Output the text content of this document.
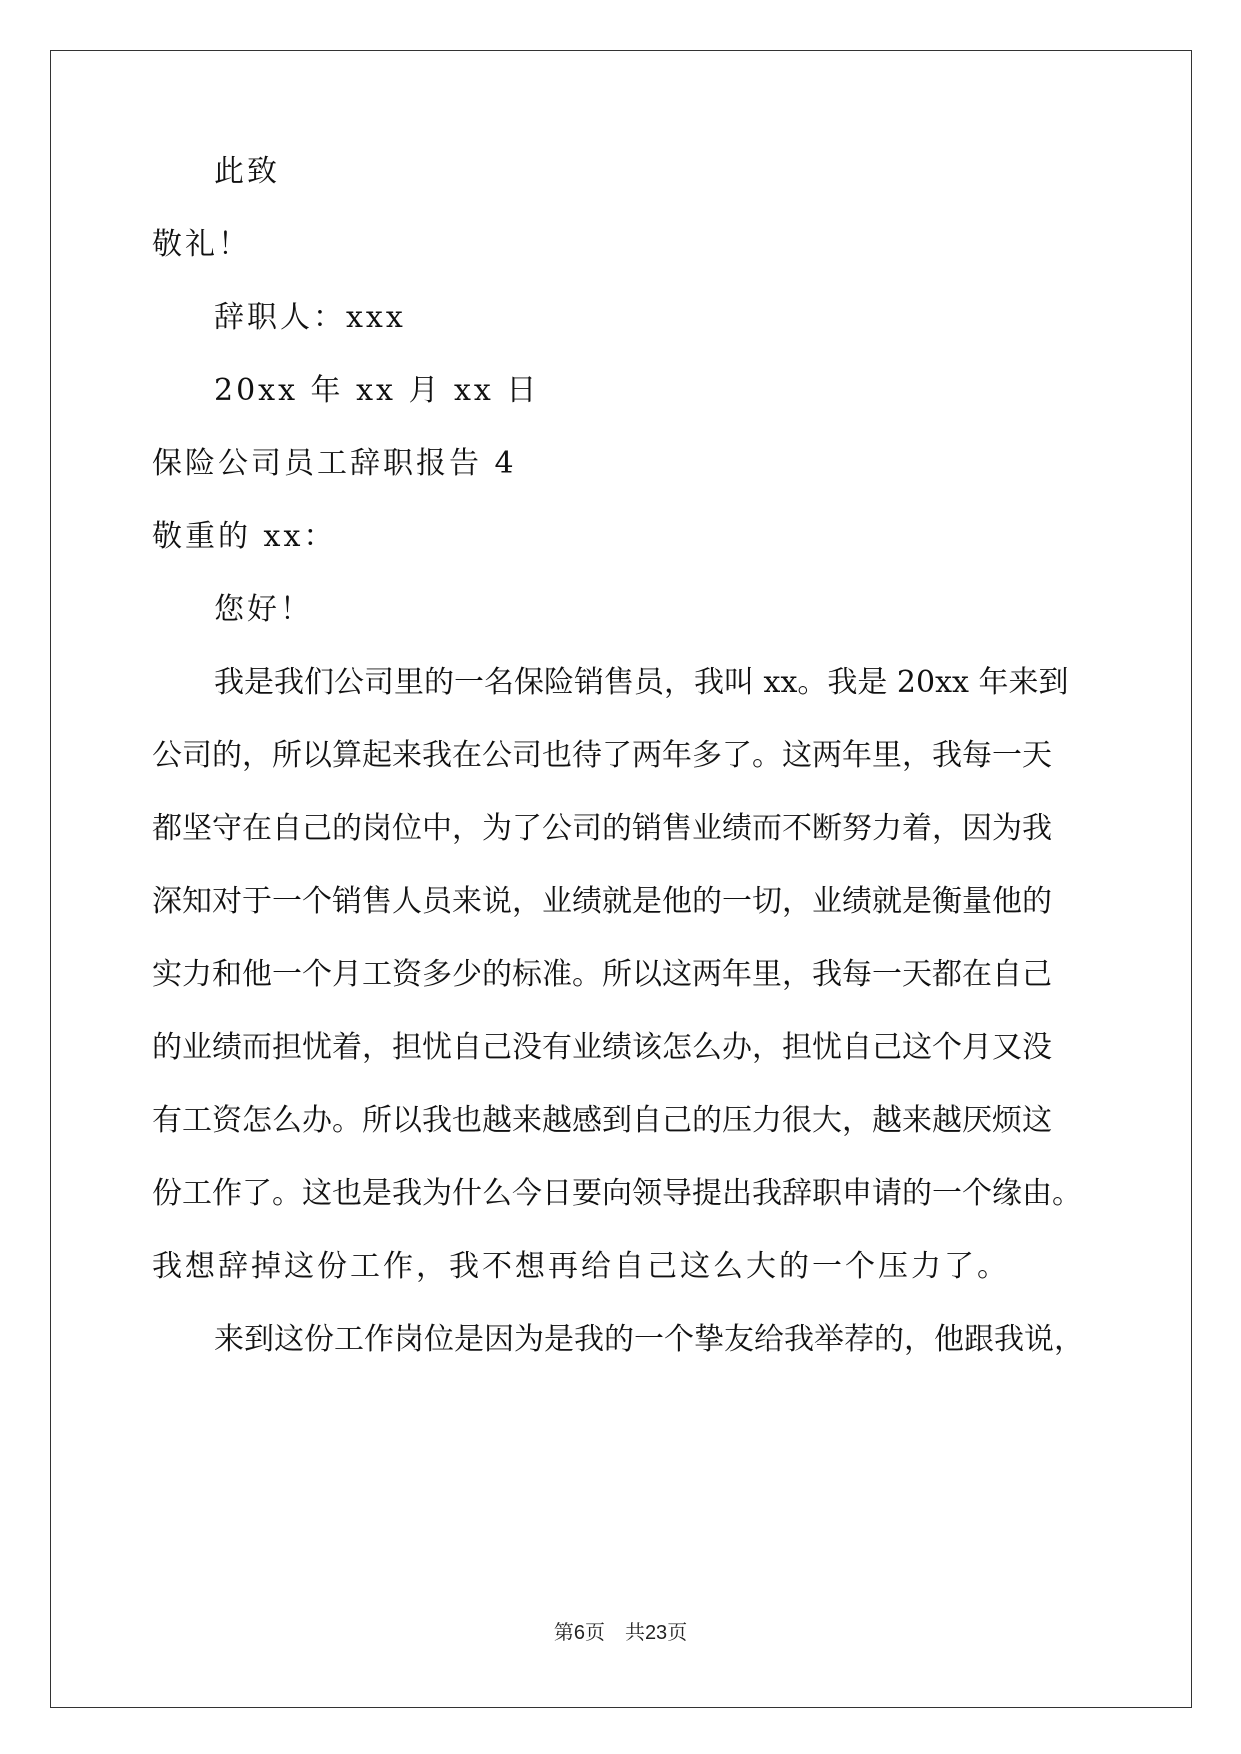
此致
敬礼！
辞职人：xxx
20xx 年 xx 月 xx 日
保险公司员工辞职报告 4
敬重的 xx：
您好！
我是我们公司里的一名保险销售员，我叫 xx。我是 20xx 年来到
公司的，所以算起来我在公司也待了两年多了。这两年里，我每一天
都坚守在自己的岗位中，为了公司的销售业绩而不断努力着，因为我
深知对于一个销售人员来说，业绩就是他的一切，业绩就是衡量他的
实力和他一个月工资多少的标准。所以这两年里，我每一天都在自己
的业绩而担忧着，担忧自己没有业绩该怎么办，担忧自己这个月又没
有工资怎么办。所以我也越来越感到自己的压力很大，越来越厌烦这
份工作了。这也是我为什么今日要向领导提出我辞职申请的一个缘由。
我想辞掉这份工作，我不想再给自己这么大的一个压力了。
来到这份工作岗位是因为是我的一个挚友给我举荐的，他跟我说，
第6页 共23页
